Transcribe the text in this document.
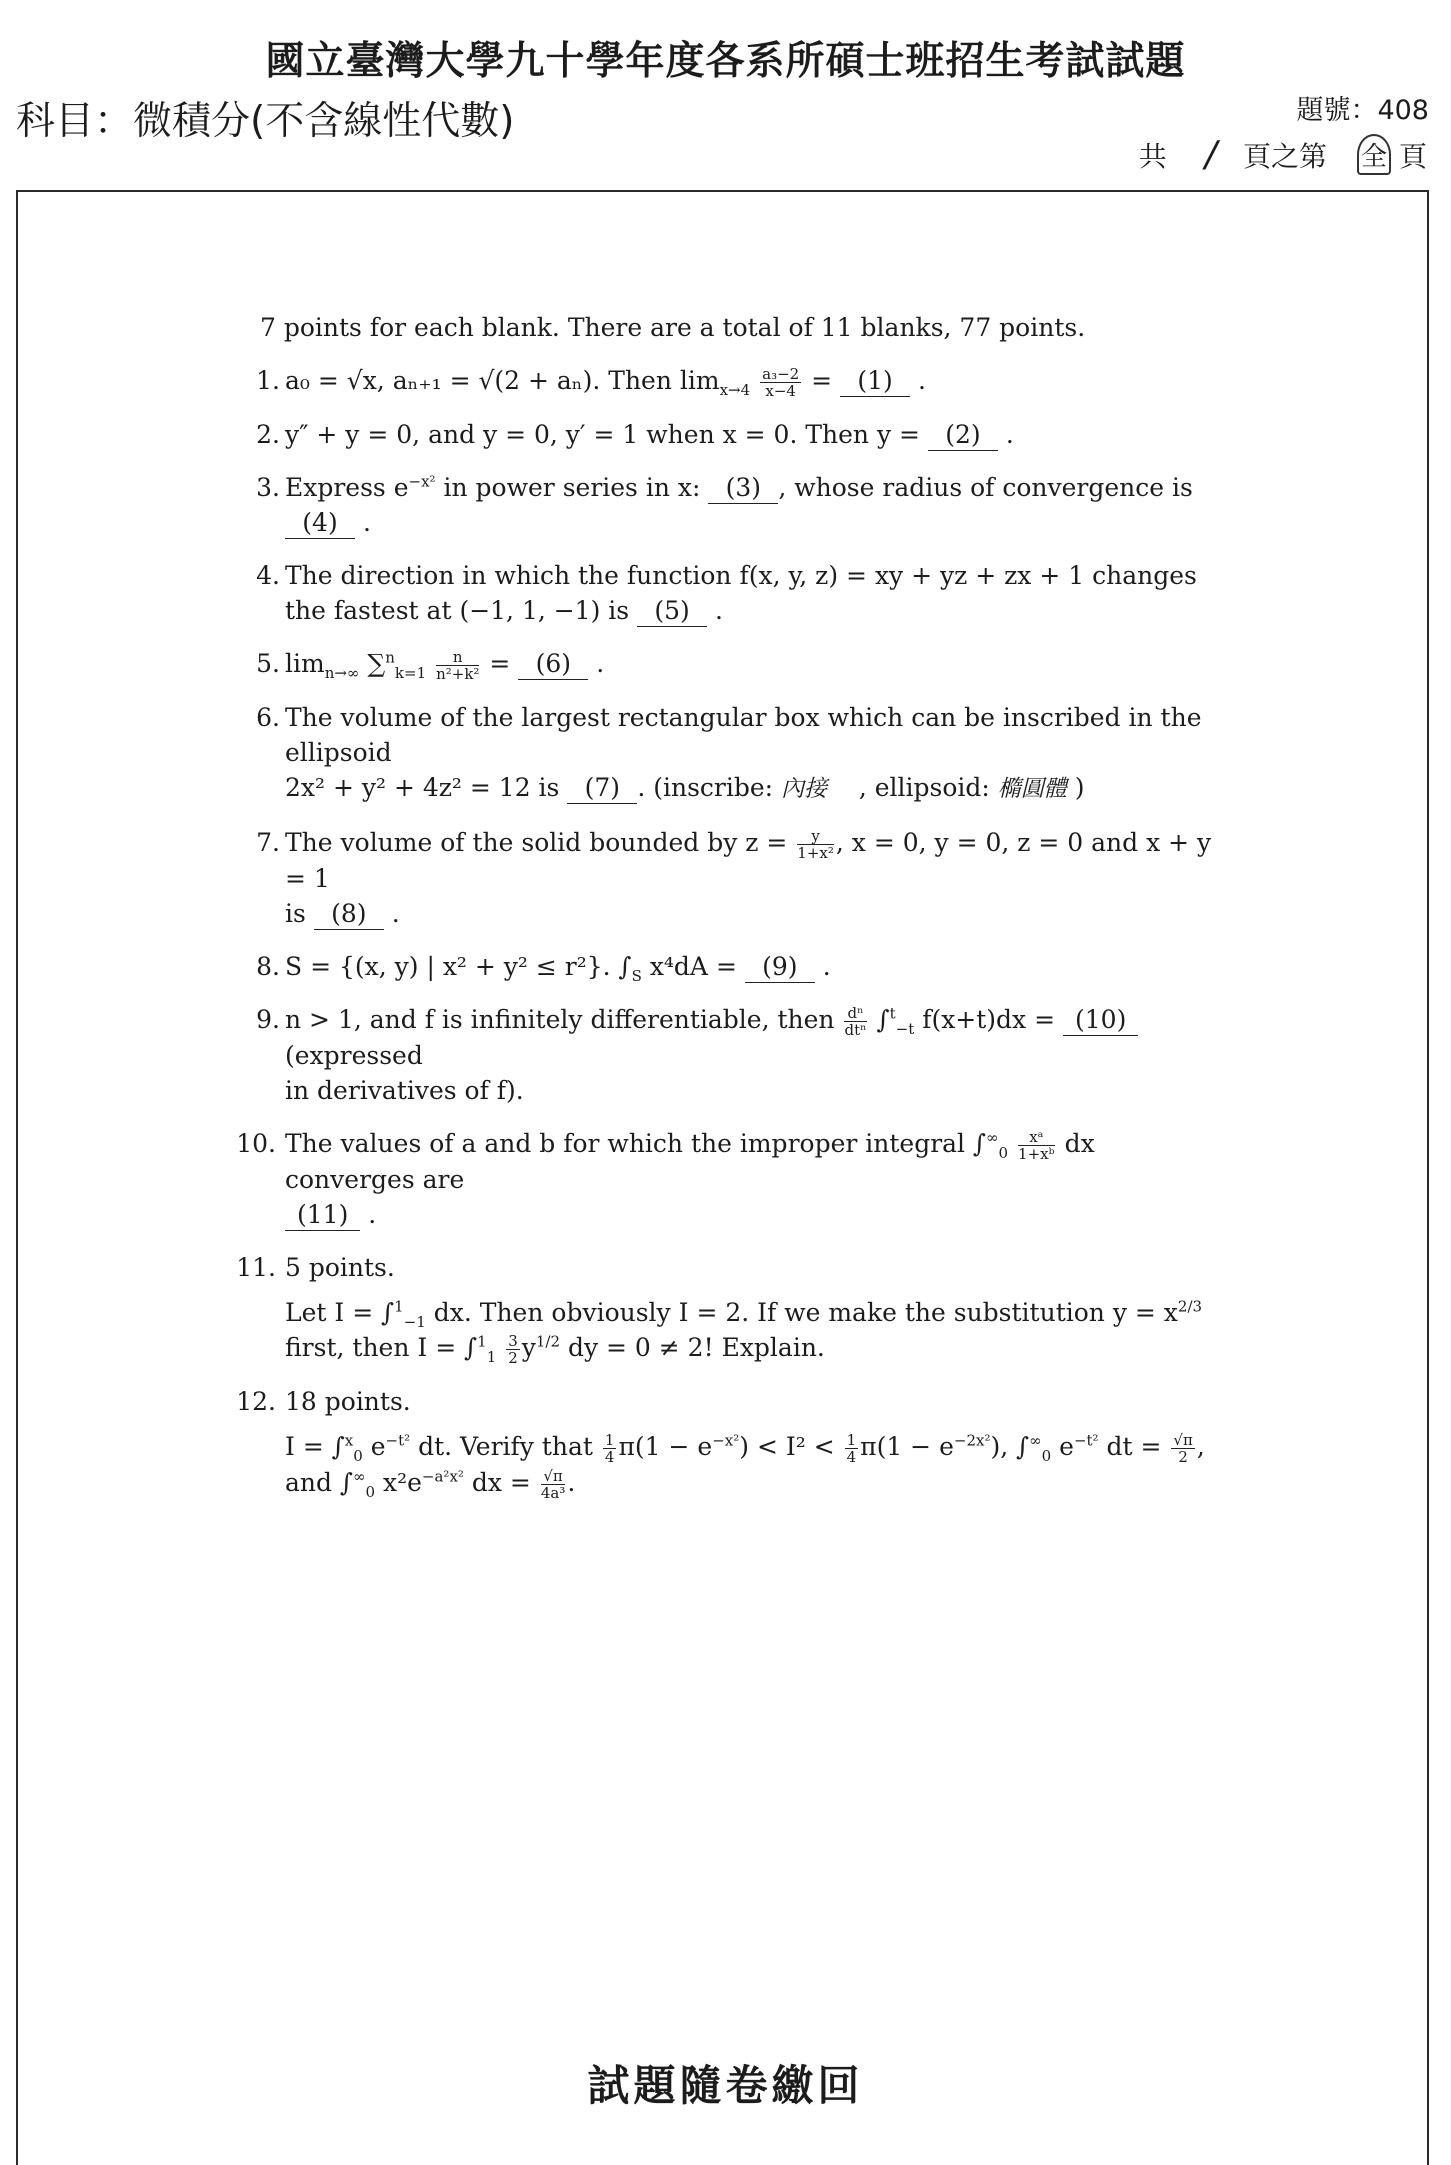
國立臺灣大學九十學年度各系所碩士班招生考試試題
科目：微積分(不含線性代數)	題號：408
共 / 頁之第 全 頁
7 points for each blank. There are a total of 11 blanks, 77 points.
1. a₀ = √x, aₙ₊₁ = √(2 + aₙ). Then $\lim_{x\to 4} \frac{\text{a₃−2}}{x-4} = (1)$ .
2. y″ + y = 0, and y = 0, y′ = 1 when x = 0. Then y = (2) .
3. Express $e^{-x^2}$ in power series in x: (3) , whose radius of convergence is (4) .
4. The direction in which the function f(x, y, z) = xy + yz + zx + 1 changes the fastest at (−1, 1, −1) is (5) .
5. $\lim_{n\to\infty} \sum^n_{k=1} \frac{n}{\text{n²+k²}} = (6)$ .
6. The volume of the largest rectangular box which can be inscribed in the ellipsoid
2x² + y² + 4z² = 12 is (7) . (inscribe: 內接 , ellipsoid: 橢圓體 )
7. The volume of the solid bounded by $z = \frac{y}{\text{1+x²}}$ , x = 0, y = 0, z = 0 and x + y = 1
is (8) .
8. S = {(x, y) | x² + y² ≤ r²}. $\int_S$ x⁴dA = (9) .
9. n > 1, and f is infinitely differentiable, then $\frac{\text{dⁿ}}{\text{dtⁿ}} \int^t_{-t}$ f(x+t)dx = (10) (expressed
in derivatives of f).
10. The values of a and b for which the improper integral $\int^\infty_0 \frac{\text{xᵃ}}{\text{1+xᵇ}}$ dx converges are
(11) .
11. 5 points.
Let I = ∫$^1_{-1}$ dx. Then obviously I = 2. If we make the substitution $y = x^{2/3}$
first, then $I = \int^1_1 \frac{3}{2} y^{1/2}$ dy = 0 ≠ 2! Explain.
12. 18 points.
I = ∫$^x_0$ $e^{-t^2}$ dt. Verify that $\frac{1}{4} \pi(1 - e^{-x^2}) < I^2 < \frac{1}{4} \pi(1 - e^{-2x^2})$, $\int^\infty_0$ $e^{-t^2}$ dt = $\frac{√\pi}{2}$ ,
and $\int^\infty_0$ $x^2e^{-a^2x^2}$ dx = $\frac{√\pi}{\text{4a³}}$ .
試題隨卷繳回
